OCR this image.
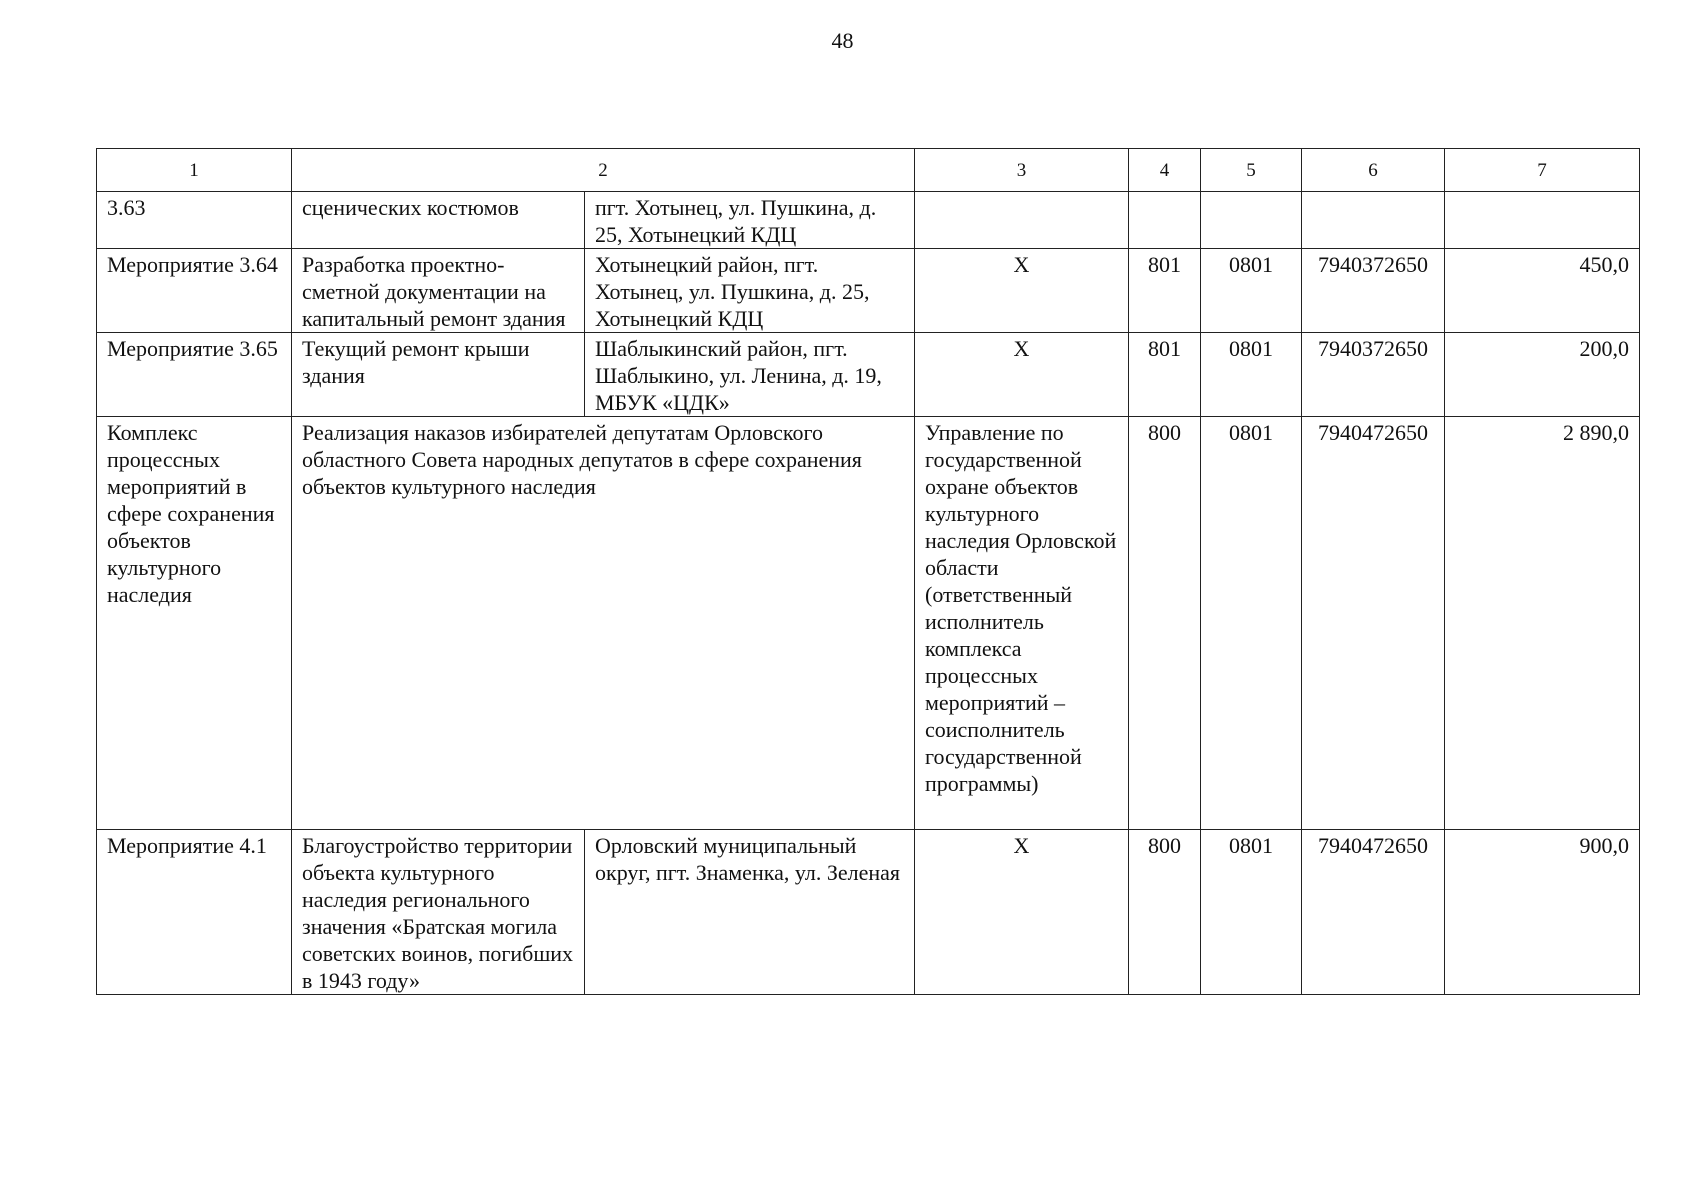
48
1	2		3	4	5	6	7
3.63	сценических костюмов	пгт. Хотынец, ул. Пушкина, д. 25, Хотынецкий КДЦ					
Мероприятие 3.64	Разработка проектно-сметной документации на капитальный ремонт здания	Хотынецкий район, пгт. Хотынец, ул. Пушкина, д. 25, Хотынецкий КДЦ	Х	801	0801	7940372650	450,0
Мероприятие 3.65	Текущий ремонт крыши здания	Шаблыкинский район, пгт. Шаблыкино, ул. Ленина, д. 19, МБУК «ЦДК»	Х	801	0801	7940372650	200,0
Комплекс процессных мероприятий в сфере сохранения объектов культурного наследия	Реализация наказов избирателей депутатам Орловского областного Совета народных депутатов в сфере сохранения объектов культурного наследия		Управление по государственной охране объектов культурного наследия Орловской области (ответственный исполнитель комплекса процессных мероприятий – соисполнитель государственной программы)	800	0801	7940472650	2 890,0
Мероприятие 4.1	Благоустройство территории объекта культурного наследия регионального значения «Братская могила советских воинов, погибших в 1943 году»	Орловский муниципальный округ, пгт. Знаменка, ул. Зеленая	Х	800	0801	7940472650	900,0
